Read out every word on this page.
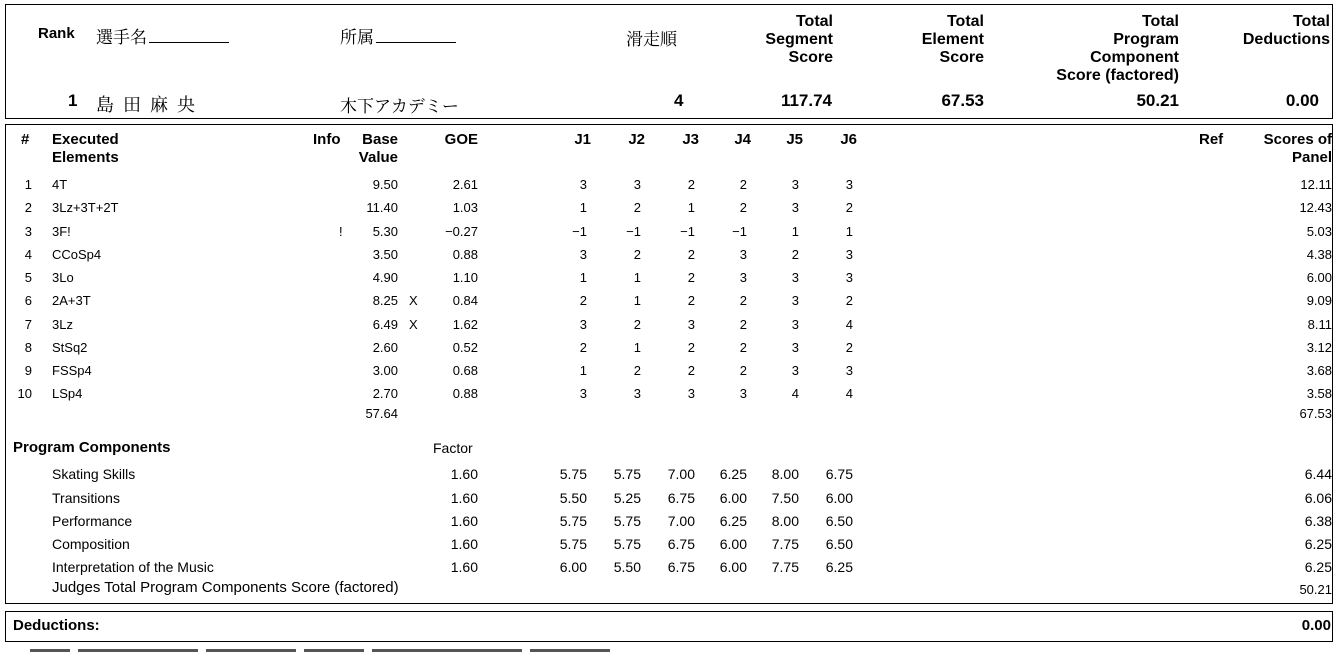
Rank 選手名	所属	滑走順
Total
Segment
Score
Total
Element
Score
Total
Program
Component
Score (factored)
Total
Deductions
1 島 田 麻 央	木下アカデミー	4	117.74	67.53	50.21	0.00
# Executed
Elements
Info	Base
Value
GOE	J1	J2	J3	J4	J5	J6	Ref	Scores of
Panel
1 4T	9.50	2.61	3	3	2	2	3	3	12.11
2 3Lz+3T+2T	11.40	1.03	1	2	1	2	3	2	12.43
3 3F!	!	5.30	−0.27	−1	−1	−1	−1	1	1	5.03
4 CCoSp4	3.50	0.88	3	2	2	3	2	3	4.38
5 3Lo	4.90	1.10	1	1	2	3	3	3	6.00
6 2A+3T	8.25 X	0.84	2	1	2	2	3	2	9.09
7 3Lz	6.49 X	1.62	3	2	3	2	3	4	8.11
8 StSq2	2.60	0.52	2	1	2	2	3	2	3.12
9 FSSp4	3.00	0.68	1	2	2	2	3	3	3.68
10 LSp4	2.70	0.88	3	3	3	3	4	4	3.58
57.64	67.53
Program Components	Factor
Skating Skills	1.60	5.75	5.75	7.00	6.25	8.00	6.75	6.44
Transitions	1.60	5.50	5.25	6.75	6.00	7.50	6.00	6.06
Performance	1.60	5.75	5.75	7.00	6.25	8.00	6.50	6.38
Composition	1.60	5.75	5.75	6.75	6.00	7.75	6.50	6.25
Interpretation of the Music	1.60	6.00	5.50	6.75	6.00	7.75	6.25	6.25
Judges Total Program Components Score (factored)	50.21
Deductions:	0.00
